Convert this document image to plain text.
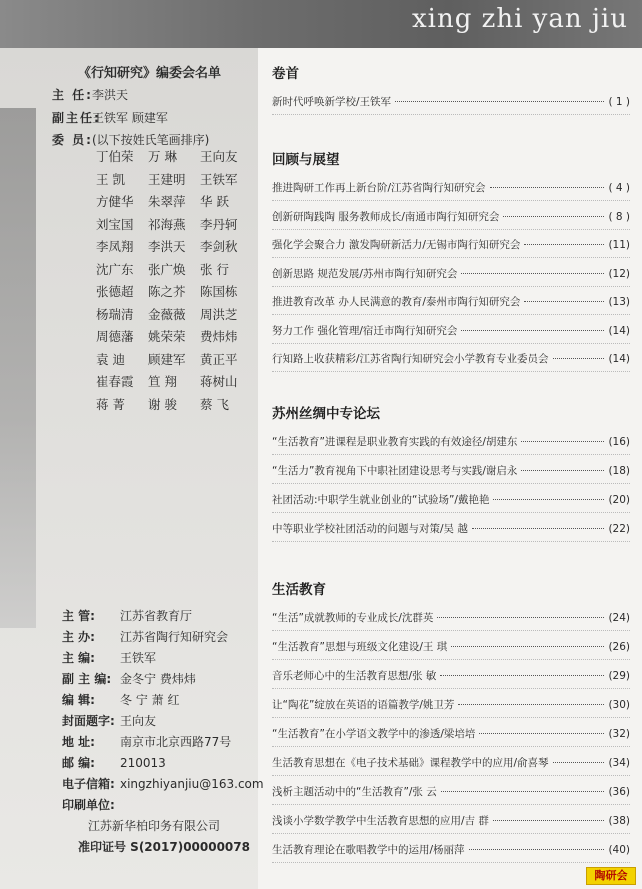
xing zhi yan jiu
《行知研究》编委会名单
主 任:李洪天
副主任:王铁军 顾建军
委 员:(以下按姓氏笔画排序)
丁伯荣	万 琳	王向友
王 凯	王建明	王铁军
方健华	朱翠萍	华 跃
刘宝国	祁海燕	李丹轲
李凤翔	李洪天	李剑秋
沈广东	张广焕	张 行
张德超	陈之芥	陈国栋
杨瑞清	金薇薇	周洪芝
周德藩	姚荣荣	费炜炜
袁 迪	顾建军	黄正平
崔春霞	笪 翔	蒋树山
蒋 菁	谢 骏	蔡 飞
主 管: 江苏省教育厅
主 办: 江苏省陶行知研究会
主 编: 王铁军
副 主 编: 金冬宁 费炜炜
编 辑: 冬 宁 萧 红
封面题字: 王向友
地 址: 南京市北京西路77号
邮 编: 210013
电子信箱: xingzhiyanjiu@163.com
印刷单位:
江苏新华柏印务有限公司
准印证号 S(2017)00000078
卷首
新时代呼唤新学校/王铁军	( 1 )
回顾与展望
推进陶研工作再上新台阶/江苏省陶行知研究会	( 4 )
创新研陶践陶 服务教师成长/南通市陶行知研究会	( 8 )
强化学会聚合力 激发陶研新活力/无锡市陶行知研究会	(11)
创新思路 规范发展/苏州市陶行知研究会	(12)
推进教育改革 办人民满意的教育/泰州市陶行知研究会	(13)
努力工作 强化管理/宿迁市陶行知研究会	(14)
行知路上收获精彩/江苏省陶行知研究会小学教育专业委员会	(14)
苏州丝绸中专论坛
“生活教育”进课程是职业教育实践的有效途径/胡建东	(16)
“生活力”教育视角下中职社团建设思考与实践/谢启永	(18)
社团活动:中职学生就业创业的“试验场”/戴艳艳	(20)
中等职业学校社团活动的问题与对策/吴 越	(22)
生活教育
“生活”成就教师的专业成长/沈群英	(24)
“生活教育”思想与班级文化建设/王 琪	(26)
音乐老师心中的生活教育思想/张 敏	(29)
让“陶花”绽放在英语的语篇教学/姚卫芳	(30)
“生活教育”在小学语文教学中的渗透/梁培培	(32)
生活教育思想在《电子技术基础》课程教学中的应用/俞喜琴	(34)
浅析主题活动中的“生活教育”/张 云	(36)
浅谈小学数学教学中生活教育思想的应用/吉 群	(38)
生活教育理论在歌唱教学中的运用/杨丽萍	(40)
陶研会
